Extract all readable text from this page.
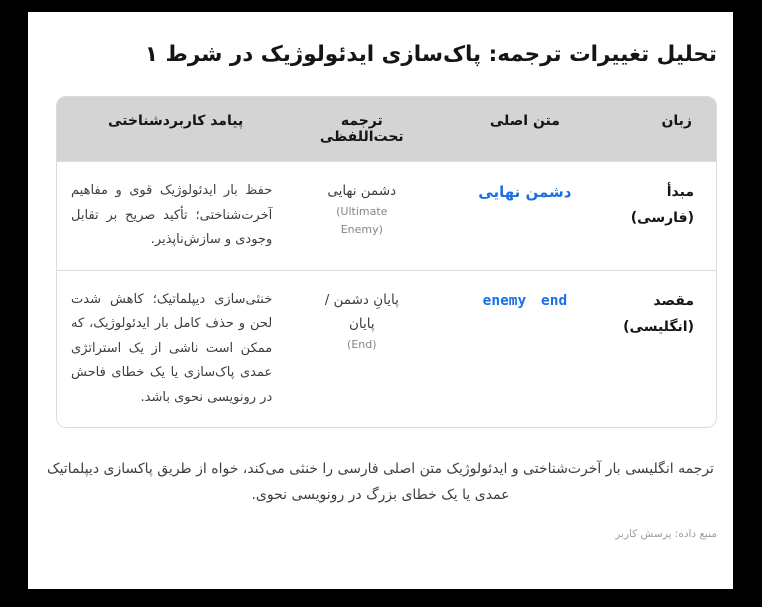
تحلیل تغییرات ترجمه: پاک‌سازی ایدئولوژیک در شرط ۱
زبان
متن اصلی
ترجمه تحت‌اللفظی
پیامد کاربردشناختی
مبدأ
(فارسی)
دشمن نهایی
دشمن نهایی
(Ultimate Enemy)
حفظ بار ایدئولوژیک قوی و مفاهیم آخرت‌شناختی؛ تأکید صریح بر تقابل وجودی و سازش‌ناپذیر.
مقصد
(انگلیسی)
enemy end
پایانِ دشمن / پایان
(End)
خنثی‌سازی دیپلماتیک؛ کاهش شدت لحن و حذف کامل بار ایدئولوژیک، که ممکن است ناشی از یک استراتژی عمدی پاک‌سازی یا یک خطای فاحش در رونویسی نحوی باشد.

ترجمه انگلیسی بار آخرت‌شناختی و ایدئولوژیک متن اصلی فارسی را خنثی می‌کند، خواه از طریق پاکسازی دیپلماتیک عمدی یا یک خطای بزرگ در رونویسی نحوی.

منبع داده: پرسش کاربر
